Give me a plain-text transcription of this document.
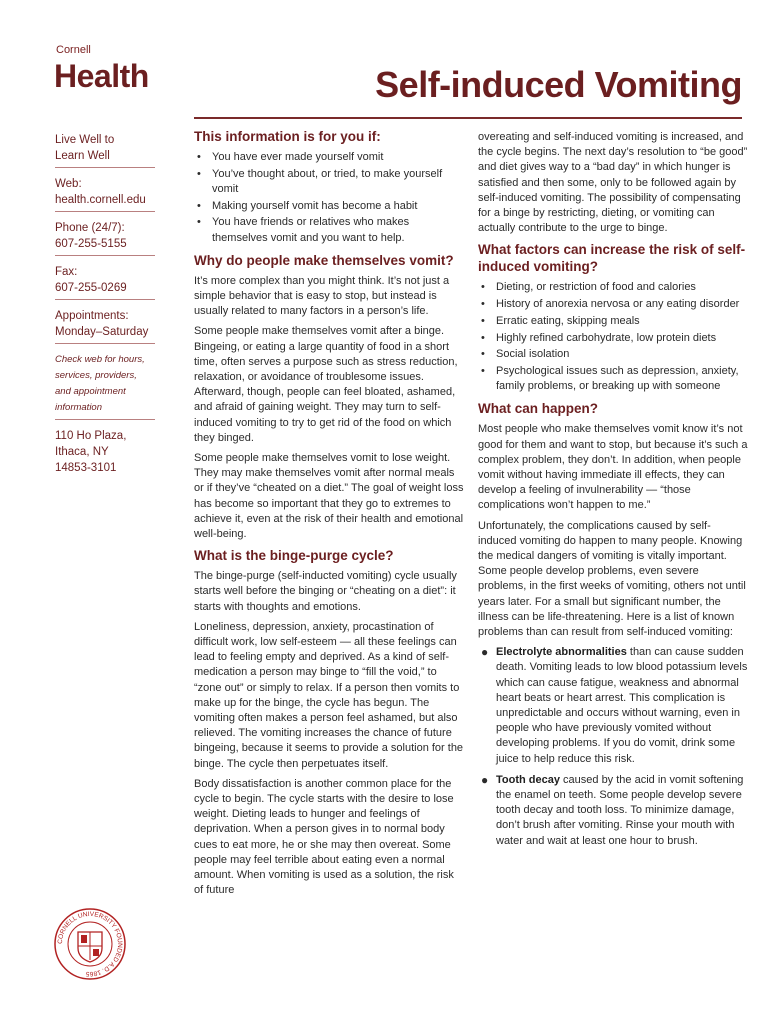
Cornell
Health	Self-induced Vomiting
Live Well to
Learn Well
Web:
health.cornell.edu
Phone (24/7):
607-255-5155
Fax:
607-255-0269
Appointments:
Monday–Saturday
Check web for hours,
services, providers,
and appointment
information
110 Ho Plaza,
Ithaca, NY
14853-3101
CORNELL UNIVERSITY FOUNDED A.D. 1865
This information is for you if:
• You have ever made yourself vomit
• You’ve thought about, or tried, to make yourself vomit
• Making yourself vomit has become a habit
• You have friends or relatives who makes themselves vomit and you want to help.
Why do people make themselves vomit?

It’s more complex than you might think. It’s not just a simple behavior that is easy to stop, but instead is usually related to many factors in a person’s life.

Some people make themselves vomit after a binge. Bingeing, or eating a large quantity of food in a short time, often serves a purpose such as stress reduction, relaxation, or avoidance of troublesome issues. Afterward, though, people can feel bloated, ashamed, and afraid of gaining weight. They may turn to self-induced vomiting to try to get rid of the food on which they binged.

Some people make themselves vomit to lose weight. They may make themselves vomit after normal meals or if they’ve “cheated on a diet.” The goal of weight loss has become so important that they go to extremes to achieve it, even at the risk of their health and emotional well-being.

What is the binge-purge cycle?

The binge-purge (self-inducted vomiting) cycle usually starts well before the binging or “cheating on a diet”: it starts with thoughts and emotions.

Loneliness, depression, anxiety, procastination of difficult work, low self-esteem — all these feelings can lead to feeling empty and deprived. As a kind of self-medication a person may binge to “fill the void,” to “zone out” or simply to relax. If a person then vomits to make up for the binge, the cycle has begun. The vomiting often makes a person feel ashamed, but also relieved. The vomiting increases the chance of future bingeing, because it seems to provide a solution for the binge. The cycle then perpetuates itself.

Body dissatisfaction is another common place for the cycle to begin. The cycle starts with the desire to lose weight. Dieting leads to hunger and feelings of deprivation. When a person gives in to normal body cues to eat more, he or she may then overeat. Some people may feel terrible about eating even a normal amount. When vomiting is used as a solution, the risk of future

overeating and self-induced vomiting is increased, and the cycle begins. The next day’s resolution to “be good” and diet gives way to a “bad day” in which hunger is satisfied and then some, only to be followed again by self-induced vomiting. The possibility of compensating for a binge by restricting, dieting, or vomiting can actually contribute to the urge to binge.

What factors can increase the risk of self-induced vomiting?
• Dieting, or restriction of food and calories
• History of anorexia nervosa or any eating disorder
• Erratic eating, skipping meals
• Highly refined carbohydrate, low protein diets
• Social isolation
• Psychological issues such as depression, anxiety, family problems, or breaking up with someone
What can happen?

Most people who make themselves vomit know it’s not good for them and want to stop, but because it’s such a complex problem, they don’t. In addition, when people vomit without having immediate ill effects, they can develop a feeling of invulnerability — “those complications won’t happen to me.”

Unfortunately, the complications caused by self-induced vomiting do happen to many people. Knowing the medical dangers of vomiting is vitally important. Some people develop problems, even severe problems, in the first weeks of vomiting, others not until years later. For a small but significant number, the illness can be life-threatening. Here is a list of known problems than can result from self-induced vomiting:

● Electrolyte abnormalities than can cause sudden death. Vomiting leads to low blood potassium levels which can cause fatigue, weakness and abnormal heart beats or heart arrest. This complication is unpredictable and occurs without warning, even in people who have previously vomited without developing problems. If you do vomit, drink some juice to help reduce this risk.
● Tooth decay caused by the acid in vomit softening the enamel on teeth. Some people develop severe tooth decay and tooth loss. To minimize damage, don’t brush after vomiting. Rinse your mouth with water and wait at least one hour to brush.
